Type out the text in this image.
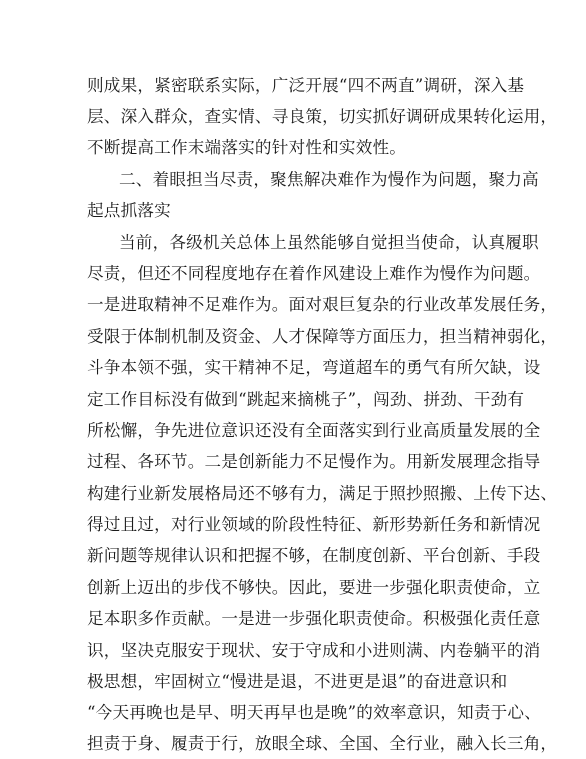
则成果，紧密联系实际，广泛开展“四不两直”调研，深入基
层、深入群众，查实情、寻良策，切实抓好调研成果转化运用，
不断提高工作末端落实的针对性和实效性。
二、着眼担当尽责，聚焦解决难作为慢作为问题，聚力高
起点抓落实
当前，各级机关总体上虽然能够自觉担当使命，认真履职
尽责，但还不同程度地存在着作风建设上难作为慢作为问题。
一是进取精神不足难作为。面对艰巨复杂的行业改革发展任务，
受限于体制机制及资金、人才保障等方面压力，担当精神弱化，
斗争本领不强，实干精神不足，弯道超车的勇气有所欠缺，设
定工作目标没有做到“跳起来摘桃子”，闯劲、拼劲、干劲有
所松懈，争先进位意识还没有全面落实到行业高质量发展的全
过程、各环节。二是创新能力不足慢作为。用新发展理念指导
构建行业新发展格局还不够有力，满足于照抄照搬、上传下达、
得过且过，对行业领域的阶段性特征、新形势新任务和新情况
新问题等规律认识和把握不够，在制度创新、平台创新、手段
创新上迈出的步伐不够快。因此，要进一步强化职责使命，立
足本职多作贡献。一是进一步强化职责使命。积极强化责任意
识，坚决克服安于现状、安于守成和小进则满、内卷躺平的消
极思想，牢固树立“慢进是退，不进更是退”的奋进意识和
“今天再晚也是早、明天再早也是晚”的效率意识，知责于心、
担责于身、履责于行，放眼全球、全国、全行业，融入长三角，
